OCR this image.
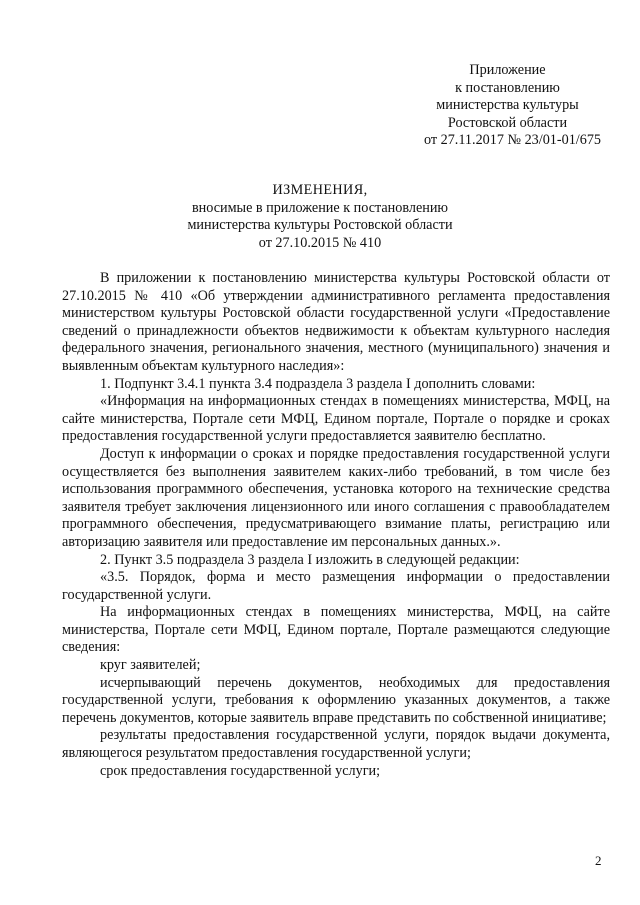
Приложение
к постановлению
министерства культуры
Ростовской области
от 27.11.2017 № 23/01-01/675
ИЗМЕНЕНИЯ,
вносимые в приложение к постановлению
министерства культуры Ростовской области
от 27.10.2015 № 410

В приложении к постановлению министерства культуры Ростовской области от 27.10.2015 № 410 «Об утверждении административного регламента предоставления министерством культуры Ростовской области государственной услуги «Предоставление сведений о принадлежности объектов недвижимости к объектам культурного наследия федерального значения, регионального значения, местного (муниципального) значения и выявленным объектам культурного наследия»:

1. Подпункт 3.4.1 пункта 3.4 подраздела 3 раздела I дополнить словами:

«Информация на информационных стендах в помещениях министерства, МФЦ, на сайте министерства, Портале сети МФЦ, Едином портале, Портале о порядке и сроках предоставления государственной услуги предоставляется заявителю бесплатно.

Доступ к информации о сроках и порядке предоставления государственной услуги осуществляется без выполнения заявителем каких-либо требований, в том числе без использования программного обеспечения, установка которого на технические средства заявителя требует заключения лицензионного или иного соглашения с правообладателем программного обеспечения, предусматривающего взимание платы, регистрацию или авторизацию заявителя или предоставление им персональных данных.».

2. Пункт 3.5 подраздела 3 раздела I изложить в следующей редакции:

«3.5. Порядок, форма и место размещения информации о предоставлении государственной услуги.

На информационных стендах в помещениях министерства, МФЦ, на сайте министерства, Портале сети МФЦ, Едином портале, Портале размещаются следующие сведения:

круг заявителей;

исчерпывающий перечень документов, необходимых для предоставления государственной услуги, требования к оформлению указанных документов, а также перечень документов, которые заявитель вправе представить по собственной инициативе;

результаты предоставления государственной услуги, порядок выдачи документа, являющегося результатом предоставления государственной услуги;

срок предоставления государственной услуги;

2
